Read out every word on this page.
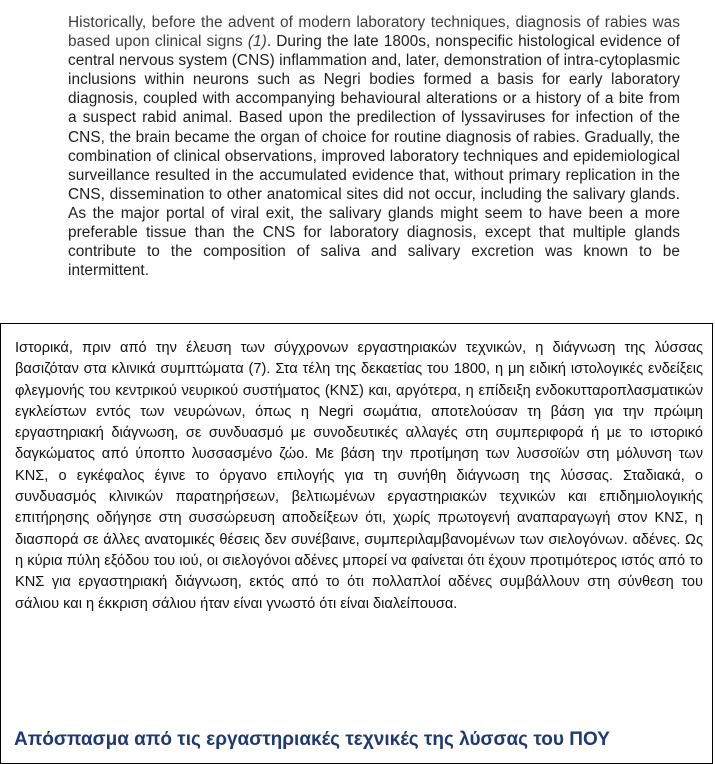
Historically, before the advent of modern laboratory techniques, diagnosis of rabies was based upon clinical signs (1). During the late 1800s, nonspecific histological evidence of central nervous system (CNS) inflammation and, later, demonstration of intra-cytoplasmic inclusions within neurons such as Negri bodies formed a basis for early laboratory diagnosis, coupled with accompanying behavioural alterations or a history of a bite from a suspect rabid animal. Based upon the predilection of lyssaviruses for infection of the CNS, the brain became the organ of choice for routine diagnosis of rabies. Gradually, the combination of clinical observations, improved laboratory techniques and epidemiological surveillance resulted in the accumulated evidence that, without primary replication in the CNS, dissemination to other anatomical sites did not occur, including the salivary glands. As the major portal of viral exit, the salivary glands might seem to have been a more preferable tissue than the CNS for laboratory diagnosis, except that multiple glands contribute to the composition of saliva and salivary excretion was known to be intermittent.
Ιστορικά, πριν από την έλευση των σύγχρονων εργαστηριακών τεχνικών, η διάγνωση της λύσσας βασιζόταν στα κλινικά συμπτώματα (7). Στα τέλη της δεκαετίας του 1800, η μη ειδική ιστολογικές ενδείξεις φλεγμονής του κεντρικού νευρικού συστήματος (ΚΝΣ) και, αργότερα, η επίδειξη ενδοκυτταροπλασματικών εγκλείστων εντός των νευρώνων, όπως η Negri σωμάτια, αποτελούσαν τη βάση για την πρώιμη εργαστηριακή διάγνωση, σε συνδυασμό με συνοδευτικές αλλαγές στη συμπεριφορά ή με το ιστορικό δαγκώματος από ύποπτο λυσσασμένο ζώο. Με βάση την προτίμηση των λυσσοϊών στη μόλυνση των ΚΝΣ, ο εγκέφαλος έγινε το όργανο επιλογής για τη συνήθη διάγνωση της λύσσας. Σταδιακά, ο συνδυασμός κλινικών παρατηρήσεων, βελτιωμένων εργαστηριακών τεχνικών και επιδημιολογικής επιτήρησης οδήγησε στη συσσώρευση αποδείξεων ότι, χωρίς πρωτογενή αναπαραγωγή στον ΚΝΣ, η διασπορά σε άλλες ανατομικές θέσεις δεν συνέβαινε, συμπεριλαμβανομένων των σιελογόνων. αδένες. Ως η κύρια πύλη εξόδου του ιού, οι σιελογόνοι αδένες μπορεί να φαίνεται ότι έχουν προτιμότερος ιστός από το ΚΝΣ για εργαστηριακή διάγνωση, εκτός από το ότι πολλαπλοί αδένες συμβάλλουν στη σύνθεση του σάλιου και η έκκριση σάλιου ήταν είναι γνωστό ότι είναι διαλείπουσα.
Απόσπασμα από τις εργαστηριακές τεχνικές της λύσσας του ΠΟΥ
